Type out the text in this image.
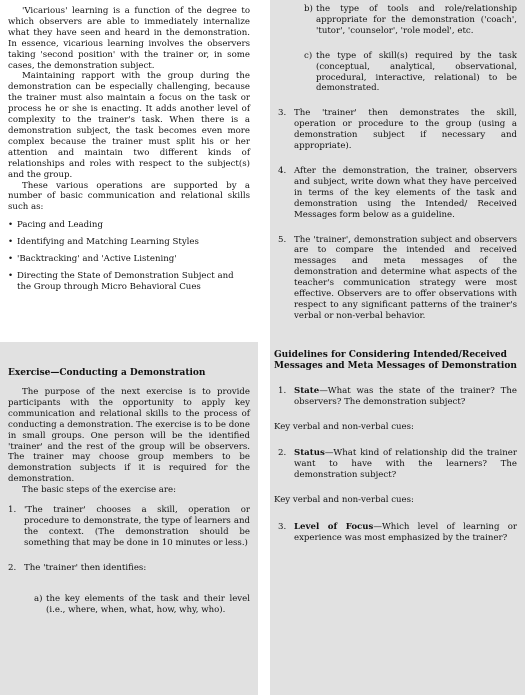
'Vicarious' learning is a function of the degree to which observers are able to immediately internalize what they have seen and heard in the demonstration. In essence, vicarious learning involves the observers taking 'second position' with the trainer or, in some cases, the demonstration subject.

Maintaining rapport with the group during the demonstration can be especially challenging, because the trainer must also maintain a focus on the task or process he or she is enacting. It adds another level of complexity to the trainer's task. When there is a demonstration subject, the task becomes even more complex because the trainer must split his or her attention and maintain two different kinds of relationships and roles with respect to the subject(s) and the group.

These various operations are supported by a number of basic communication and relational skills such as:

• Pacing and Leading
• Identifying and Matching Learning Styles
• 'Backtracking' and 'Active Listening'
• Directing the State of Demonstration Subject and the Group through Micro Behavioral Cues
Exercise—Conducting a Demonstration

The purpose of the next exercise is to provide participants with the opportunity to apply key communication and relational skills to the process of conducting a demonstration. The exercise is to be done in small groups. One person will be the identified 'trainer' and the rest of the group will be observers. The trainer may choose group members to be demonstration subjects if it is required for the demonstration.

The basic steps of the exercise are:

1. 'The trainer' chooses a skill, operation or procedure to demonstrate, the type of learners and the context. (The demonstration should be something that may be done in 10 minutes or less.)
2. The 'trainer' then identifies:
a) the key elements of the task and their level (i.e., where, when, what, how, why, who).
b) the type of tools and role/relationship appropriate for the demonstration ('coach', 'tutor', 'counselor', 'role model', etc.
c) the type of skill(s) required by the task (conceptual, analytical, observational, procedural, interactive, relational) to be demonstrated.
3. The 'trainer' then demonstrates the skill, operation or procedure to the group (using a demonstration subject if necessary and appropriate).
4. After the demonstration, the trainer, observers and subject, write down what they have perceived in terms of the key elements of the task and demonstration using the Intended/ Received Messages form below as a guideline.
5. The 'trainer', demonstration subject and observers are to compare the intended and received messages and meta messages of the demonstration and determine what aspects of the teacher's communication strategy were most effective. Observers are to offer observations with respect to any significant patterns of the trainer's verbal or non-verbal behavior.
Guidelines for Considering Intended/Received Messages and Meta Messages of Demonstration
1. State—What was the state of the trainer? The observers? The demonstration subject?

Key verbal and non-verbal cues:

2. Status—What kind of relationship did the trainer want to have with the learners? The demonstration subject?

Key verbal and non-verbal cues:

3. Level of Focus—Which level of learning or experience was most emphasized by the trainer?
